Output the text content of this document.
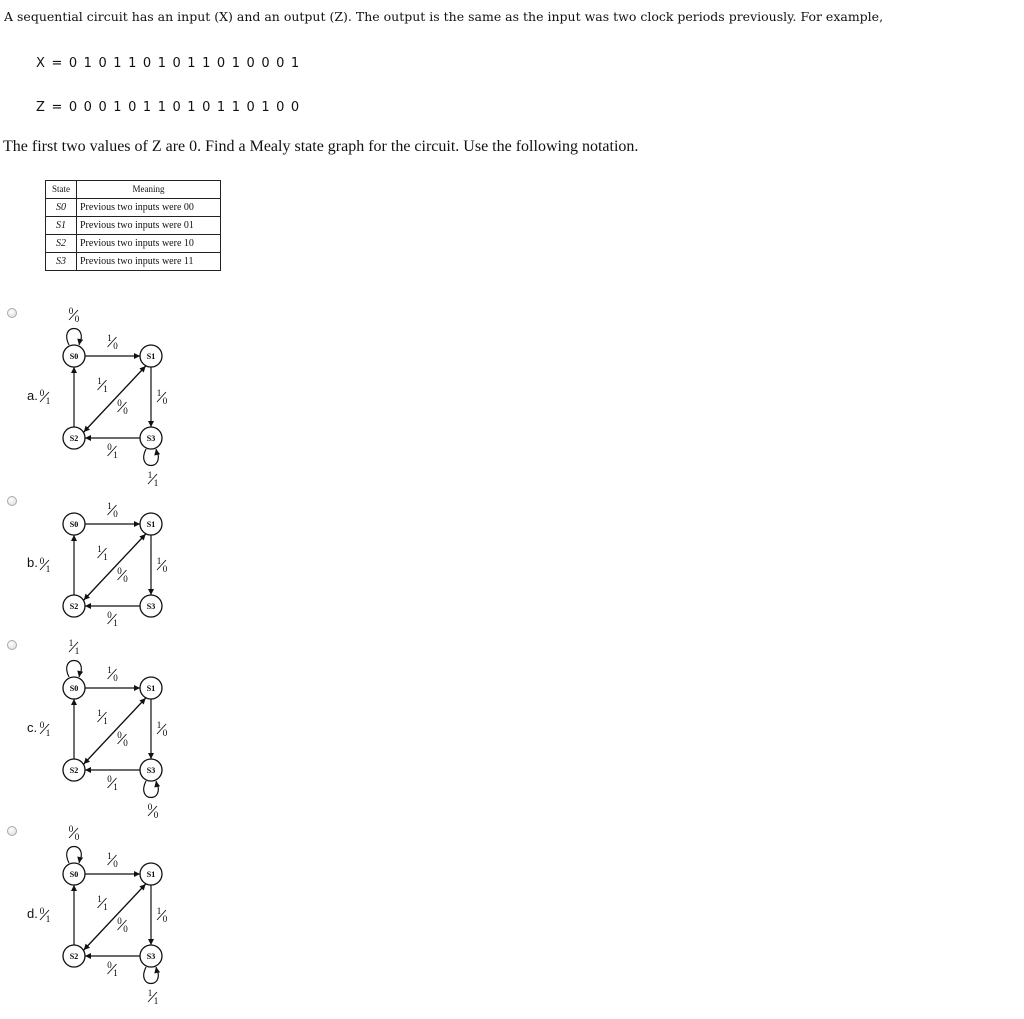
A sequential circuit has an input (X) and an output (Z). The output is the same as the input was two clock periods previously. For example,
X = 0 1 0 1 1 0 1 0 1 1 0 1 0 0 0 1
Z = 0 0 0 1 0 1 1 0 1 0 1 1 0 1 0 0
The first two values of Z are 0. Find a Mealy state graph for the circuit. Use the following notation.
State	Meaning
S0	Previous two inputs were 00
S1	Previous two inputs were 01
S2	Previous two inputs were 10
S3	Previous two inputs were 11
a.
0
0
1
0
0
0
1
1	1
0
1
1
0
1
0
1
S0	S1
S2	S3
b.
1
0
0
0
1
1	1
0
0
1
0
1
S0	S1
S2	S3
c.
1
1
1
0
1
1
0
0
1
0
0
0
0
1
0
1
S0	S1
S2	S3
d.
0
0
1
0
0
0
1
1	1
0
1
1
0
1
0
1
S0	S1
S2	S3
